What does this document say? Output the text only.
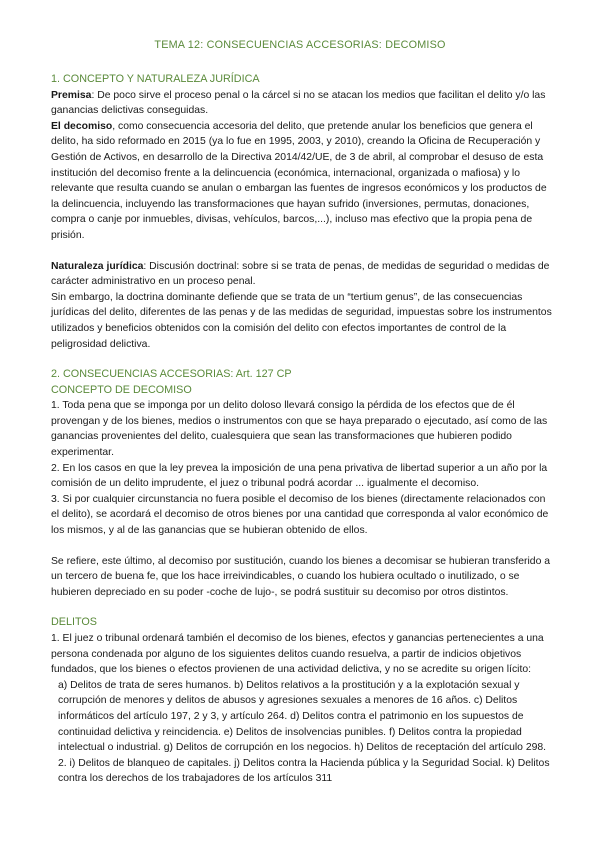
TEMA 12: CONSECUENCIAS ACCESORIAS: DECOMISO
1. CONCEPTO Y NATURALEZA JURÍDICA

Premisa: De poco sirve el proceso penal o la cárcel si no se atacan los medios que facilitan el delito y/o las ganancias delictivas conseguidas.

El decomiso, como consecuencia accesoria del delito, que pretende anular los beneficios que genera el delito, ha sido reformado en 2015 (ya lo fue en 1995, 2003, y 2010), creando la Oficina de Recuperación y Gestión de Activos, en desarrollo de la Directiva 2014/42/UE, de 3 de abril, al comprobar el desuso de esta institución del decomiso frente a la delincuencia (económica, internacional, organizada o mafiosa) y lo relevante que resulta cuando se anulan o embargan las fuentes de ingresos económicos y los productos de la delincuencia, incluyendo las transformaciones que hayan sufrido (inversiones, permutas, donaciones, compra o canje por inmuebles, divisas, vehículos, barcos,...), incluso mas efectivo que la propia pena de prisión.

Naturaleza jurídica: Discusión doctrinal: sobre si se trata de penas, de medidas de seguridad o medidas de carácter administrativo en un proceso penal.

Sin embargo, la doctrina dominante defiende que se trata de un “tertium genus”, de las consecuencias jurídicas del delito, diferentes de las penas y de las medidas de seguridad, impuestas sobre los instrumentos utilizados y beneficios obtenidos con la comisión del delito con efectos importantes de control de la peligrosidad delictiva.

2. CONSECUENCIAS ACCESORIAS: Art. 127 CP
CONCEPTO DE DECOMISO

1. Toda pena que se imponga por un delito doloso llevará consigo la pérdida de los efectos que de él provengan y de los bienes, medios o instrumentos con que se haya preparado o ejecutado, así como de las ganancias provenientes del delito, cualesquiera que sean las transformaciones que hubieren podido experimentar.

2. En los casos en que la ley prevea la imposición de una pena privativa de libertad superior a un año por la comisión de un delito imprudente, el juez o tribunal podrá acordar ... igualmente el decomiso.

3. Si por cualquier circunstancia no fuera posible el decomiso de los bienes (directamente relacionados con el delito), se acordará el decomiso de otros bienes por una cantidad que corresponda al valor económico de los mismos, y al de las ganancias que se hubieran obtenido de ellos.

Se refiere, este último, al decomiso por sustitución, cuando los bienes a decomisar se hubieran transferido a un tercero de buena fe, que los hace irreivindicables, o cuando los hubiera ocultado o inutilizado, o se hubieren depreciado en su poder -coche de lujo-, se podrá sustituir su decomiso por otros distintos.

DELITOS

1. El juez o tribunal ordenará también el decomiso de los bienes, efectos y ganancias pertenecientes a una persona condenada por alguno de los siguientes delitos cuando resuelva, a partir de indicios objetivos fundados, que los bienes o efectos provienen de una actividad delictiva, y no se acredite su origen lícito:

a) Delitos de trata de seres humanos. b) Delitos relativos a la prostitución y a la explotación sexual y corrupción de menores y delitos de abusos y agresiones sexuales a menores de 16 años. c) Delitos informáticos del artículo 197, 2 y 3, y artículo 264. d) Delitos contra el patrimonio en los supuestos de continuidad delictiva y reincidencia. e) Delitos de insolvencias punibles. f) Delitos contra la propiedad intelectual o industrial. g) Delitos de corrupción en los negocios. h) Delitos de receptación del artículo 298. 2. i) Delitos de blanqueo de capitales. j) Delitos contra la Hacienda pública y la Seguridad Social. k) Delitos contra los derechos de los trabajadores de los artículos 311
